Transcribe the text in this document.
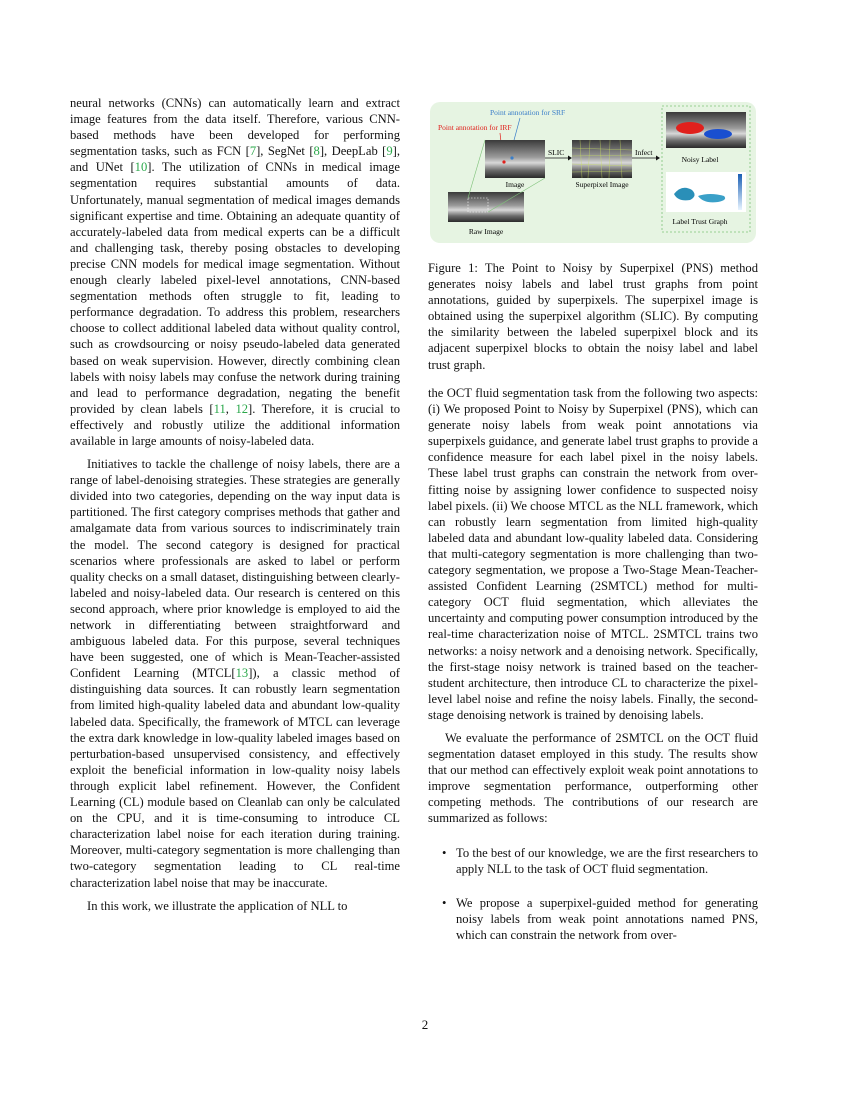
neural networks (CNNs) can automatically learn and extract image features from the data itself. Therefore, various CNN-based methods have been developed for performing segmentation tasks, such as FCN [7], SegNet [8], DeepLab [9], and UNet [10]. The utilization of CNNs in medical image segmentation requires substantial amounts of data. Unfortunately, manual segmentation of medical images demands significant expertise and time. Obtaining an adequate quantity of accurately-labeled data from medical experts can be a difficult and challenging task, thereby posing obstacles to developing precise CNN models for medical image segmentation. Without enough clearly labeled pixel-level annotations, CNN-based segmentation methods often struggle to fit, leading to performance degradation. To address this problem, researchers choose to collect additional labeled data without quality control, such as crowdsourcing or noisy pseudo-labeled data generated based on weak supervision. However, directly combining clean labels with noisy labels may confuse the network during training and lead to performance degradation, negating the benefit provided by clean labels [11, 12]. Therefore, it is crucial to effectively and robustly utilize the additional information available in large amounts of noisy-labeled data.

Initiatives to tackle the challenge of noisy labels, there are a range of label-denoising strategies. These strategies are generally divided into two categories, depending on the way input data is partitioned. The first category comprises methods that gather and amalgamate data from various sources to indiscriminately train the model. The second category is designed for practical scenarios where professionals are asked to label or perform quality checks on a small dataset, distinguishing between clearly-labeled and noisy-labeled data. Our research is centered on this second approach, where prior knowledge is employed to aid the network in differentiating between straightforward and ambiguous labeled data. For this purpose, several techniques have been suggested, one of which is Mean-Teacher-assisted Confident Learning (MTCL[13]), a classic method of distinguishing data sources. It can robustly learn segmentation from limited high-quality labeled data and abundant low-quality labeled data. Specifically, the framework of MTCL can leverage the extra dark knowledge in low-quality labeled images based on perturbation-based unsupervised consistency, and effectively exploit the beneficial information in low-quality noisy labels through explicit label refinement. However, the Confident Learning (CL) module based on Cleanlab can only be calculated on the CPU, and it is time-consuming to introduce CL characterization label noise for each iteration during training. Moreover, multi-category segmentation is more challenging than two-category segmentation leading to CL real-time characterization label noise that may be inaccurate.

In this work, we illustrate the application of NLL to

Point annotation for SRF
Point annotation for IRF
Image
SLIC
Superpixel Image
Infect
Noisy Label
Label Trust Graph
Raw Image
Figure 1: The Point to Noisy by Superpixel (PNS) method generates noisy labels and label trust graphs from point annotations, guided by superpixels. The superpixel image is obtained using the superpixel algorithm (SLIC). By computing the similarity between the labeled superpixel block and its adjacent superpixel blocks to obtain the noisy label and label trust graph.

the OCT fluid segmentation task from the following two aspects: (i) We proposed Point to Noisy by Superpixel (PNS), which can generate noisy labels from weak point annotations via superpixels guidance, and generate label trust graphs to provide a confidence measure for each label pixel in the noisy labels. These label trust graphs can constrain the network from over-fitting noise by assigning lower confidence to suspected noisy label pixels. (ii) We choose MTCL as the NLL framework, which can robustly learn segmentation from limited high-quality labeled data and abundant low-quality labeled data. Considering that multi-category segmentation is more challenging than two-category segmentation, we propose a Two-Stage Mean-Teacher-assisted Confident Learning (2SMTCL) method for multi-category OCT fluid segmentation, which alleviates the uncertainty and computing power consumption introduced by the real-time characterization noise of MTCL. 2SMTCL trains two networks: a noisy network and a denoising network. Specifically, the first-stage noisy network is trained based on the teacher-student architecture, then introduce CL to characterize the pixel-level label noise and refine the noisy labels. Finally, the second-stage denoising network is trained by denoising labels.

We evaluate the performance of 2SMTCL on the OCT fluid segmentation dataset employed in this study. The results show that our method can effectively exploit weak point annotations to improve segmentation performance, outperforming other competing methods. The contributions of our research are summarized as follows:

• To the best of our knowledge, we are the first researchers to apply NLL to the task of OCT fluid segmentation.
• We propose a superpixel-guided method for generating noisy labels from weak point annotations named PNS, which can constrain the network from over-
2
